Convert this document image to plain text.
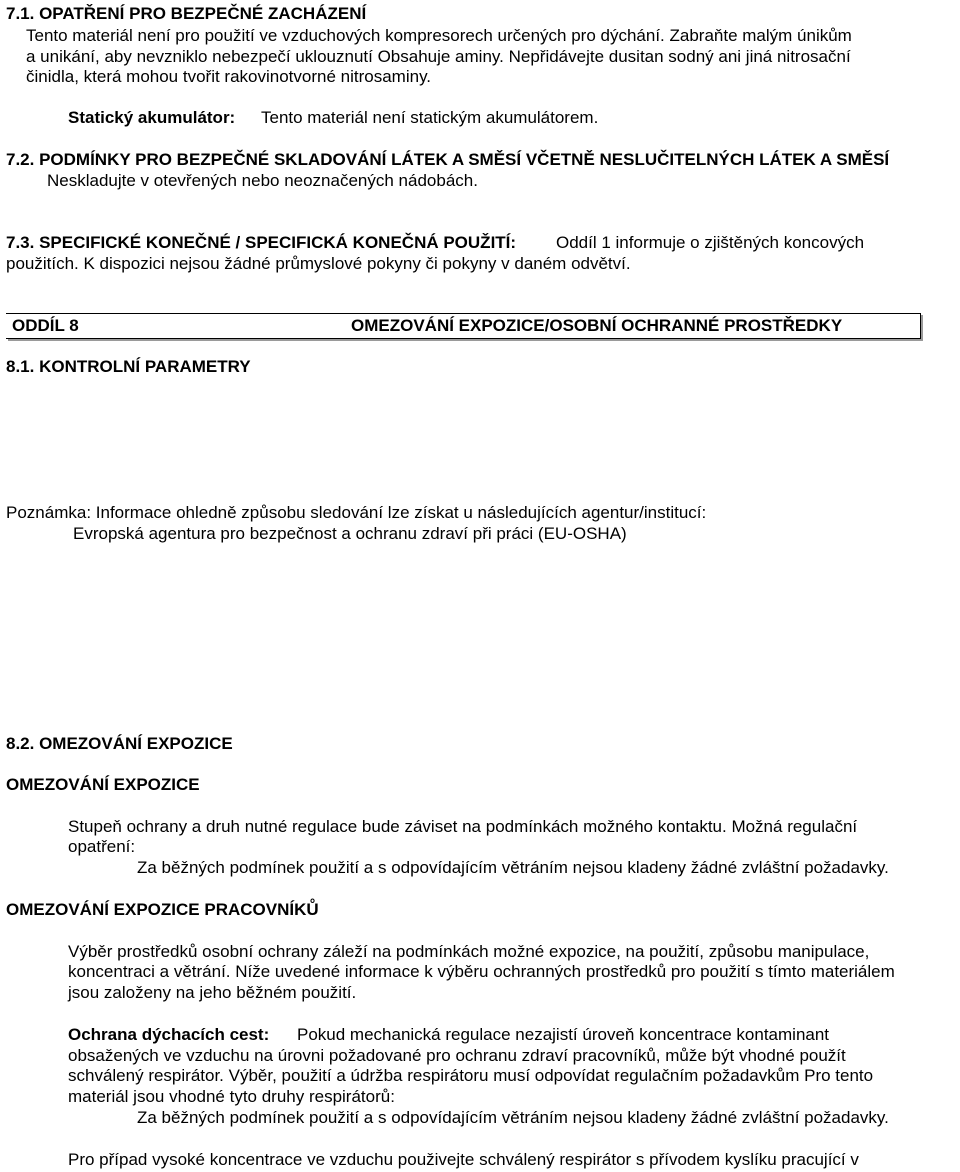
7.1. OPATŘENÍ PRO BEZPEČNÉ ZACHÁZENÍ
Tento materiál není pro použití ve vzduchových kompresorech určených pro dýchání. Zabraňte malým únikům
a unikání, aby nevzniklo nebezpečí uklouznutí Obsahuje aminy. Nepřidávejte dusitan sodný ani jiná nitrosační
činidla, která mohou tvořit rakovinotvorné nitrosaminy.
Statický akumulátor: Tento materiál není statickým akumulátorem.
7.2. PODMÍNKY PRO BEZPEČNÉ SKLADOVÁNÍ LÁTEK A SMĚSÍ VČETNĚ NESLUČITELNÝCH LÁTEK A SMĚSÍ
Neskladujte v otevřených nebo neoznačených nádobách.
7.3. SPECIFICKÉ KONEČNÉ / SPECIFICKÁ KONEČNÁ POUŽITÍ: Oddíl 1 informuje o zjištěných koncových
použitích. K dispozici nejsou žádné průmyslové pokyny či pokyny v daném odvětví.
ODDÍL 8	OMEZOVÁNÍ EXPOZICE/OSOBNÍ OCHRANNÉ PROSTŘEDKY
8.1. KONTROLNÍ PARAMETRY
Poznámka: Informace ohledně způsobu sledování lze získat u následujících agentur/institucí:
Evropská agentura pro bezpečnost a ochranu zdraví při práci (EU-OSHA)
8.2. OMEZOVÁNÍ EXPOZICE
OMEZOVÁNÍ EXPOZICE
Stupeň ochrany a druh nutné regulace bude záviset na podmínkách možného kontaktu. Možná regulační
opatření:
Za běžných podmínek použití a s odpovídajícím větráním nejsou kladeny žádné zvláštní požadavky.
OMEZOVÁNÍ EXPOZICE PRACOVNÍKŮ
Výběr prostředků osobní ochrany záleží na podmínkách možné expozice, na použití, způsobu manipulace,
koncentraci a větrání. Níže uvedené informace k výběru ochranných prostředků pro použití s tímto materiálem
jsou založeny na jeho běžném použití.
Ochrana dýchacích cest: Pokud mechanická regulace nezajistí úroveň koncentrace kontaminant
obsažených ve vzduchu na úrovni požadované pro ochranu zdraví pracovníků, může být vhodné použít
schválený respirátor. Výběr, použití a údržba respirátoru musí odpovídat regulačním požadavkům Pro tento
materiál jsou vhodné tyto druhy respirátorů:
Za běžných podmínek použití a s odpovídajícím větráním nejsou kladeny žádné zvláštní požadavky.
Pro případ vysoké koncentrace ve vzduchu použivejte schválený respirátor s přívodem kyslíku pracující v
